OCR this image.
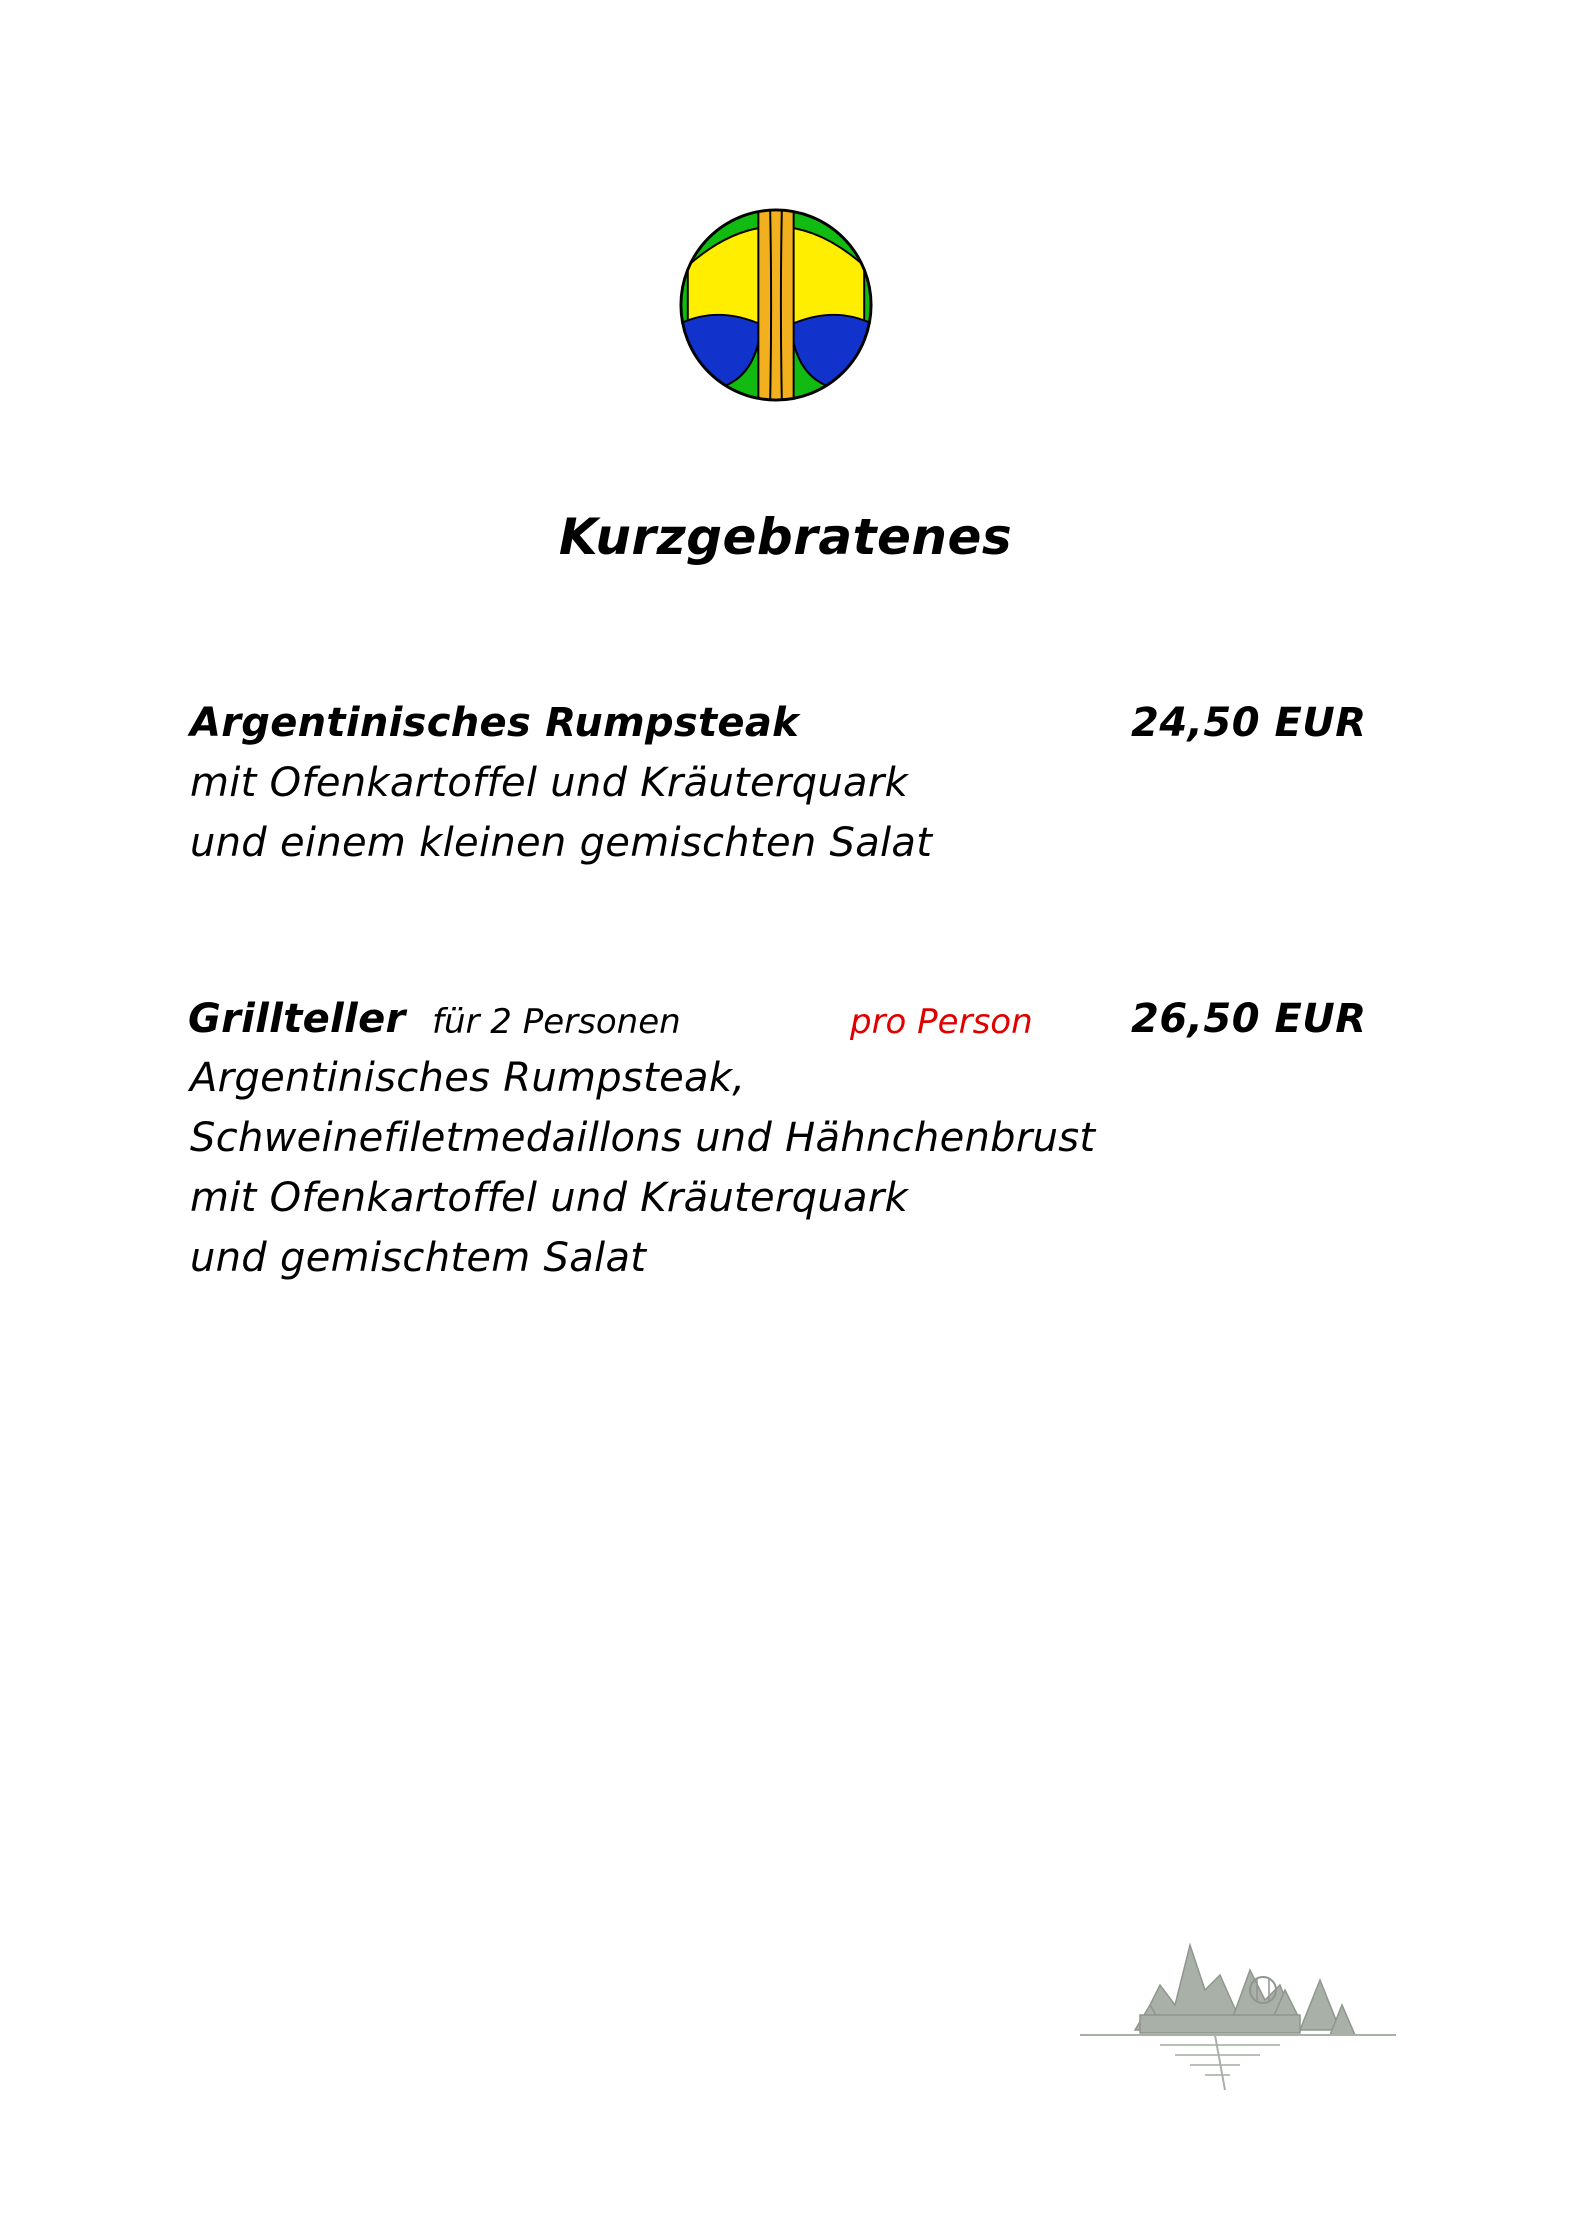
Kurzgebratenes
Argentinisches Rumpsteak	24,50 EUR
mit Ofenkartoffel und Kräuterquark
und einem kleinen gemischten Salat
Grillteller für 2 Personen	pro Person 26,50 EUR
Argentinisches Rumpsteak,
Schweinefiletmedaillons und Hähnchenbrust
mit Ofenkartoffel und Kräuterquark
und gemischtem Salat
